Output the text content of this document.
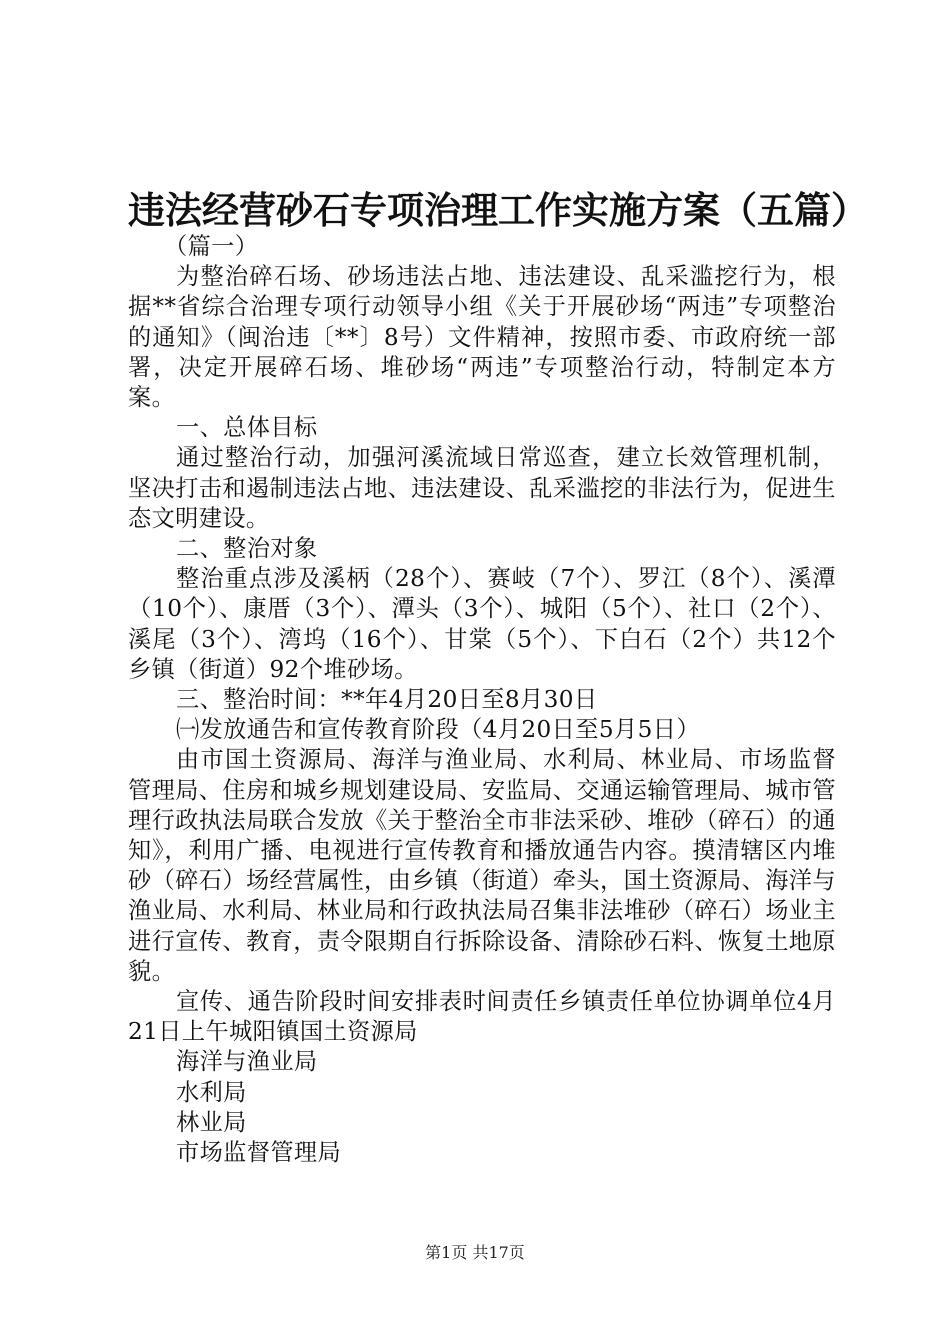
违法经营砂石专项治理工作实施方案（五篇）

（篇一）

为整治碎石场、砂场违法占地、违法建设、乱采滥挖行为，根据**省综合治理专项行动领导小组《关于开展砂场“两违”专项整治的通知》（闽治违〔**〕8号）文件精神，按照市委、市政府统一部署，决定开展碎石场、堆砂场“两违”专项整治行动，特制定本方案。

一、总体目标

通过整治行动，加强河溪流域日常巡查，建立长效管理机制，坚决打击和遏制违法占地、违法建设、乱采滥挖的非法行为，促进生态文明建设。

二、整治对象

整治重点涉及溪柄（28个）、赛岐（7个）、罗江（8个）、溪潭（10个）、康厝（3个）、潭头（3个）、城阳（5个）、社口（2个）、溪尾（3个）、湾坞（16个）、甘棠（5个）、下白石（2个）共12个乡镇（街道）92个堆砂场。

三、整治时间：**年4月20日至8月30日

㈠发放通告和宣传教育阶段（4月20日至5月5日）

由市国土资源局、海洋与渔业局、水利局、林业局、市场监督管理局、住房和城乡规划建设局、安监局、交通运输管理局、城市管理行政执法局联合发放《关于整治全市非法采砂、堆砂（碎石）的通知》，利用广播、电视进行宣传教育和播放通告内容。摸清辖区内堆砂（碎石）场经营属性，由乡镇（街道）牵头，国土资源局、海洋与渔业局、水利局、林业局和行政执法局召集非法堆砂（碎石）场业主进行宣传、教育，责令限期自行拆除设备、清除砂石料、恢复土地原貌。

宣传、通告阶段时间安排表时间责任乡镇责任单位协调单位4月21日上午城阳镇国土资源局

海洋与渔业局

水利局

林业局

市场监督管理局

第1页 共17页
